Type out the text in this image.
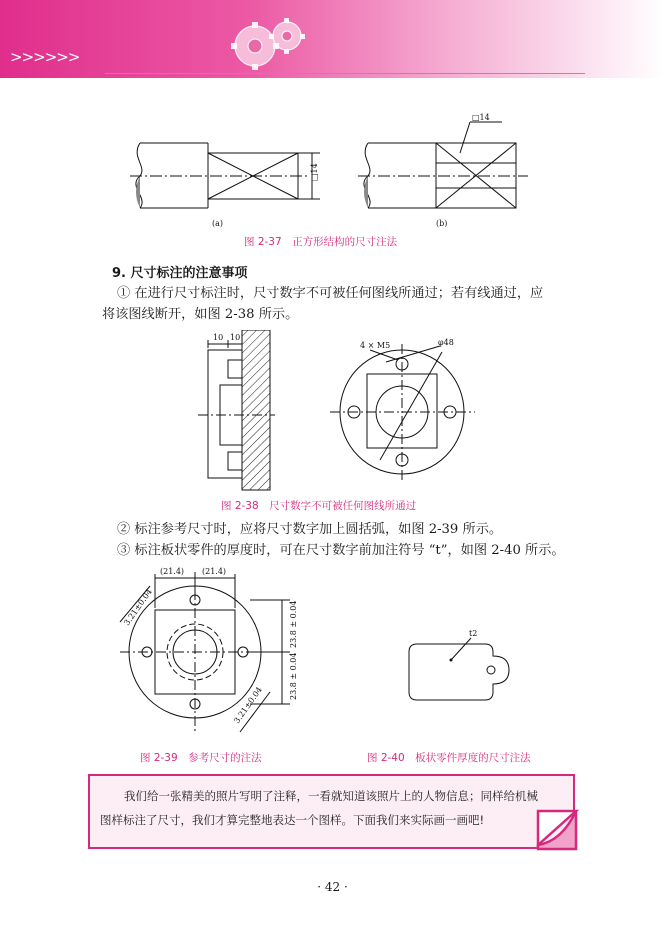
>>>>>>
□14
□14
(a)	(b)
图 2-37　正方形结构的尺寸注法
9. 尺寸标注的注意事项
① 在进行尺寸标注时，尺寸数字不可被任何图线所通过；若有线通过，应
将该图线断开，如图 2-38 所示。
10 10
4 × M5	φ48
图 2-38　尺寸数字不可被任何图线所通过
② 标注参考尺寸时，应将尺寸数字加上圆括弧，如图 2-39 所示。
③ 标注板状零件的厚度时，可在尺寸数字前加注符号 “t”，如图 2-40 所示。
(21.4) (21.4)
3.21±0.04
3.21±0.04
23.8 ± 0.04
23.8 ± 0.04
图 2-39　参考尺寸的注法
t2
图 2-40　板状零件厚度的尺寸注法
我们给一张精美的照片写明了注释，一看就知道该照片上的人物信息；同样给机械
图样标注了尺寸，我们才算完整地表达一个图样。下面我们来实际画一画吧!
· 42 ·
